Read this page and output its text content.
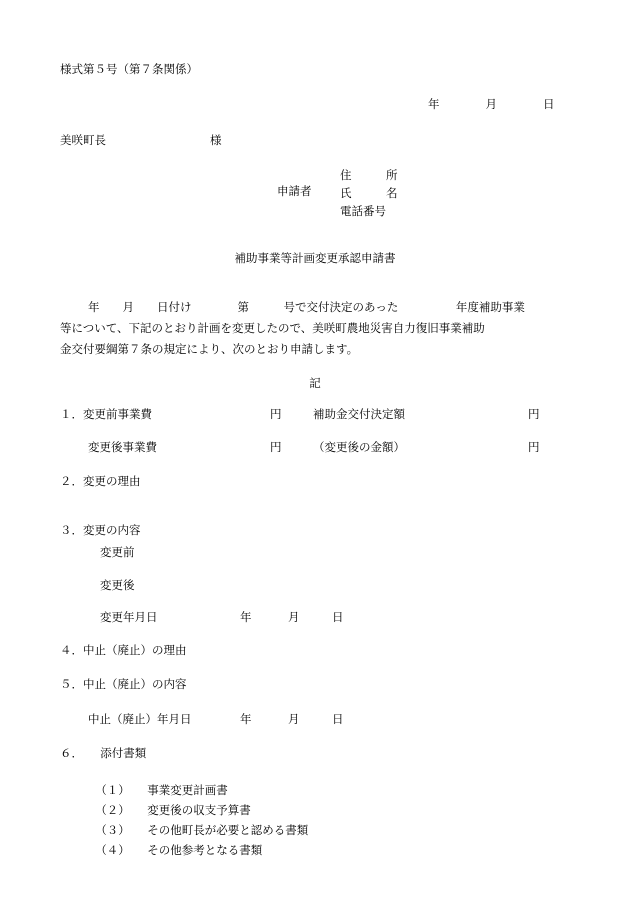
様式第５号（第７条関係）
年　　　　月　　　　日
美咲町長	様
申請者
住　　　所
氏　　　名
電話番号
補助事業等計画変更承認申請書
年　　月　　日付け　　　　第　　　号で交付決定のあった　　　　　年度補助事業
等について、下記のとおり計画を変更したので、美咲町農地災害自力復旧事業補助
金交付要綱第７条の規定により、次のとおり申請します。
記
１．変更前事業費	円	補助金交付決定額	円
変更後事業費	円	（変更後の金額）	円
２．変更の理由
３．変更の内容
変更前
変更後
変更年月日	年	月	日
４．中止（廃止）の理由
５．中止（廃止）の内容
中止（廃止）年月日	年	月	日
６．　　添付書類

（１） 事業変更計画書

（２） 変更後の収支予算書

（３） その他町長が必要と認める書類

（４） その他参考となる書類
